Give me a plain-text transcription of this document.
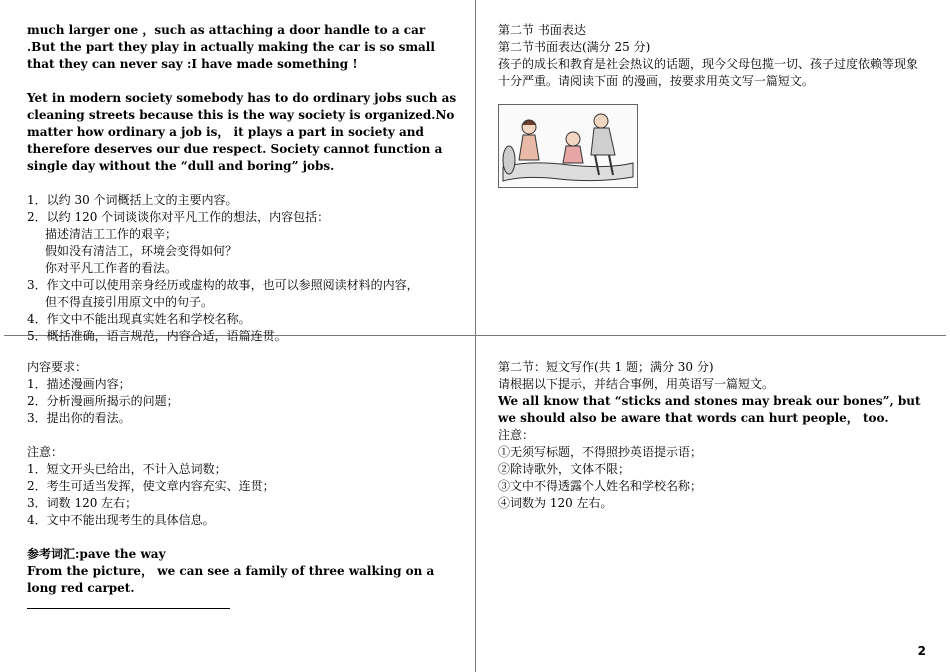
much larger one ，such as attaching a door handle to a car .But the part they play in actually making the car is so small that they can never say :I have made something !

Yet in modern society somebody has to do ordinary jobs such as cleaning streets because this is the way society is organized.No matter how ordinary a job is， it plays a part in society and therefore deserves our due respect. Society cannot function a single day without the “dull and boring” jobs.

1．以约 30 个词概括上文的主要内容。

2．以约 120 个词谈谈你对平凡工作的想法，内容包括：

描述清洁工工作的艰辛；

假如没有清洁工，环境会变得如何？

你对平凡工作者的看法。

3．作文中可以使用亲身经历或虚构的故事，也可以参照阅读材料的内容，

但不得直接引用原文中的句子。

4．作文中不能出现真实姓名和学校名称。

5．概括准确，语言规范，内容合适，语篇连贯。

第二节 书面表达

第二节书面表达(满分 25 分)

孩子的成长和教育是社会热议的话题，现今父母包揽一切、孩子过度依赖等现象十分严重。请阅读下面 的漫画，按要求用英文写一篇短文。

内容要求：

1．描述漫画内容；

2．分析漫画所揭示的问题；

3．提出你的看法。

注意：

1．短文开头已给出，不计入总词数；

2．考生可适当发挥，使文章内容充实、连贯；

3．词数 120 左右；

4．文中不能出现考生的具体信息。

参考词汇:pave the way

From the picture， we can see a family of three walking on a long red carpet.

第二节：短文写作(共 1 题；满分 30 分)

请根据以下提示，并结合事例，用英语写一篇短文。

We all know that “sticks and stones may break our bones”, but we should also be aware that words can hurt people， too.

注意：

①无须写标题，不得照抄英语提示语；

②除诗歌外，文体不限；

③文中不得透露个人姓名和学校名称；

④词数为 120 左右。

2
